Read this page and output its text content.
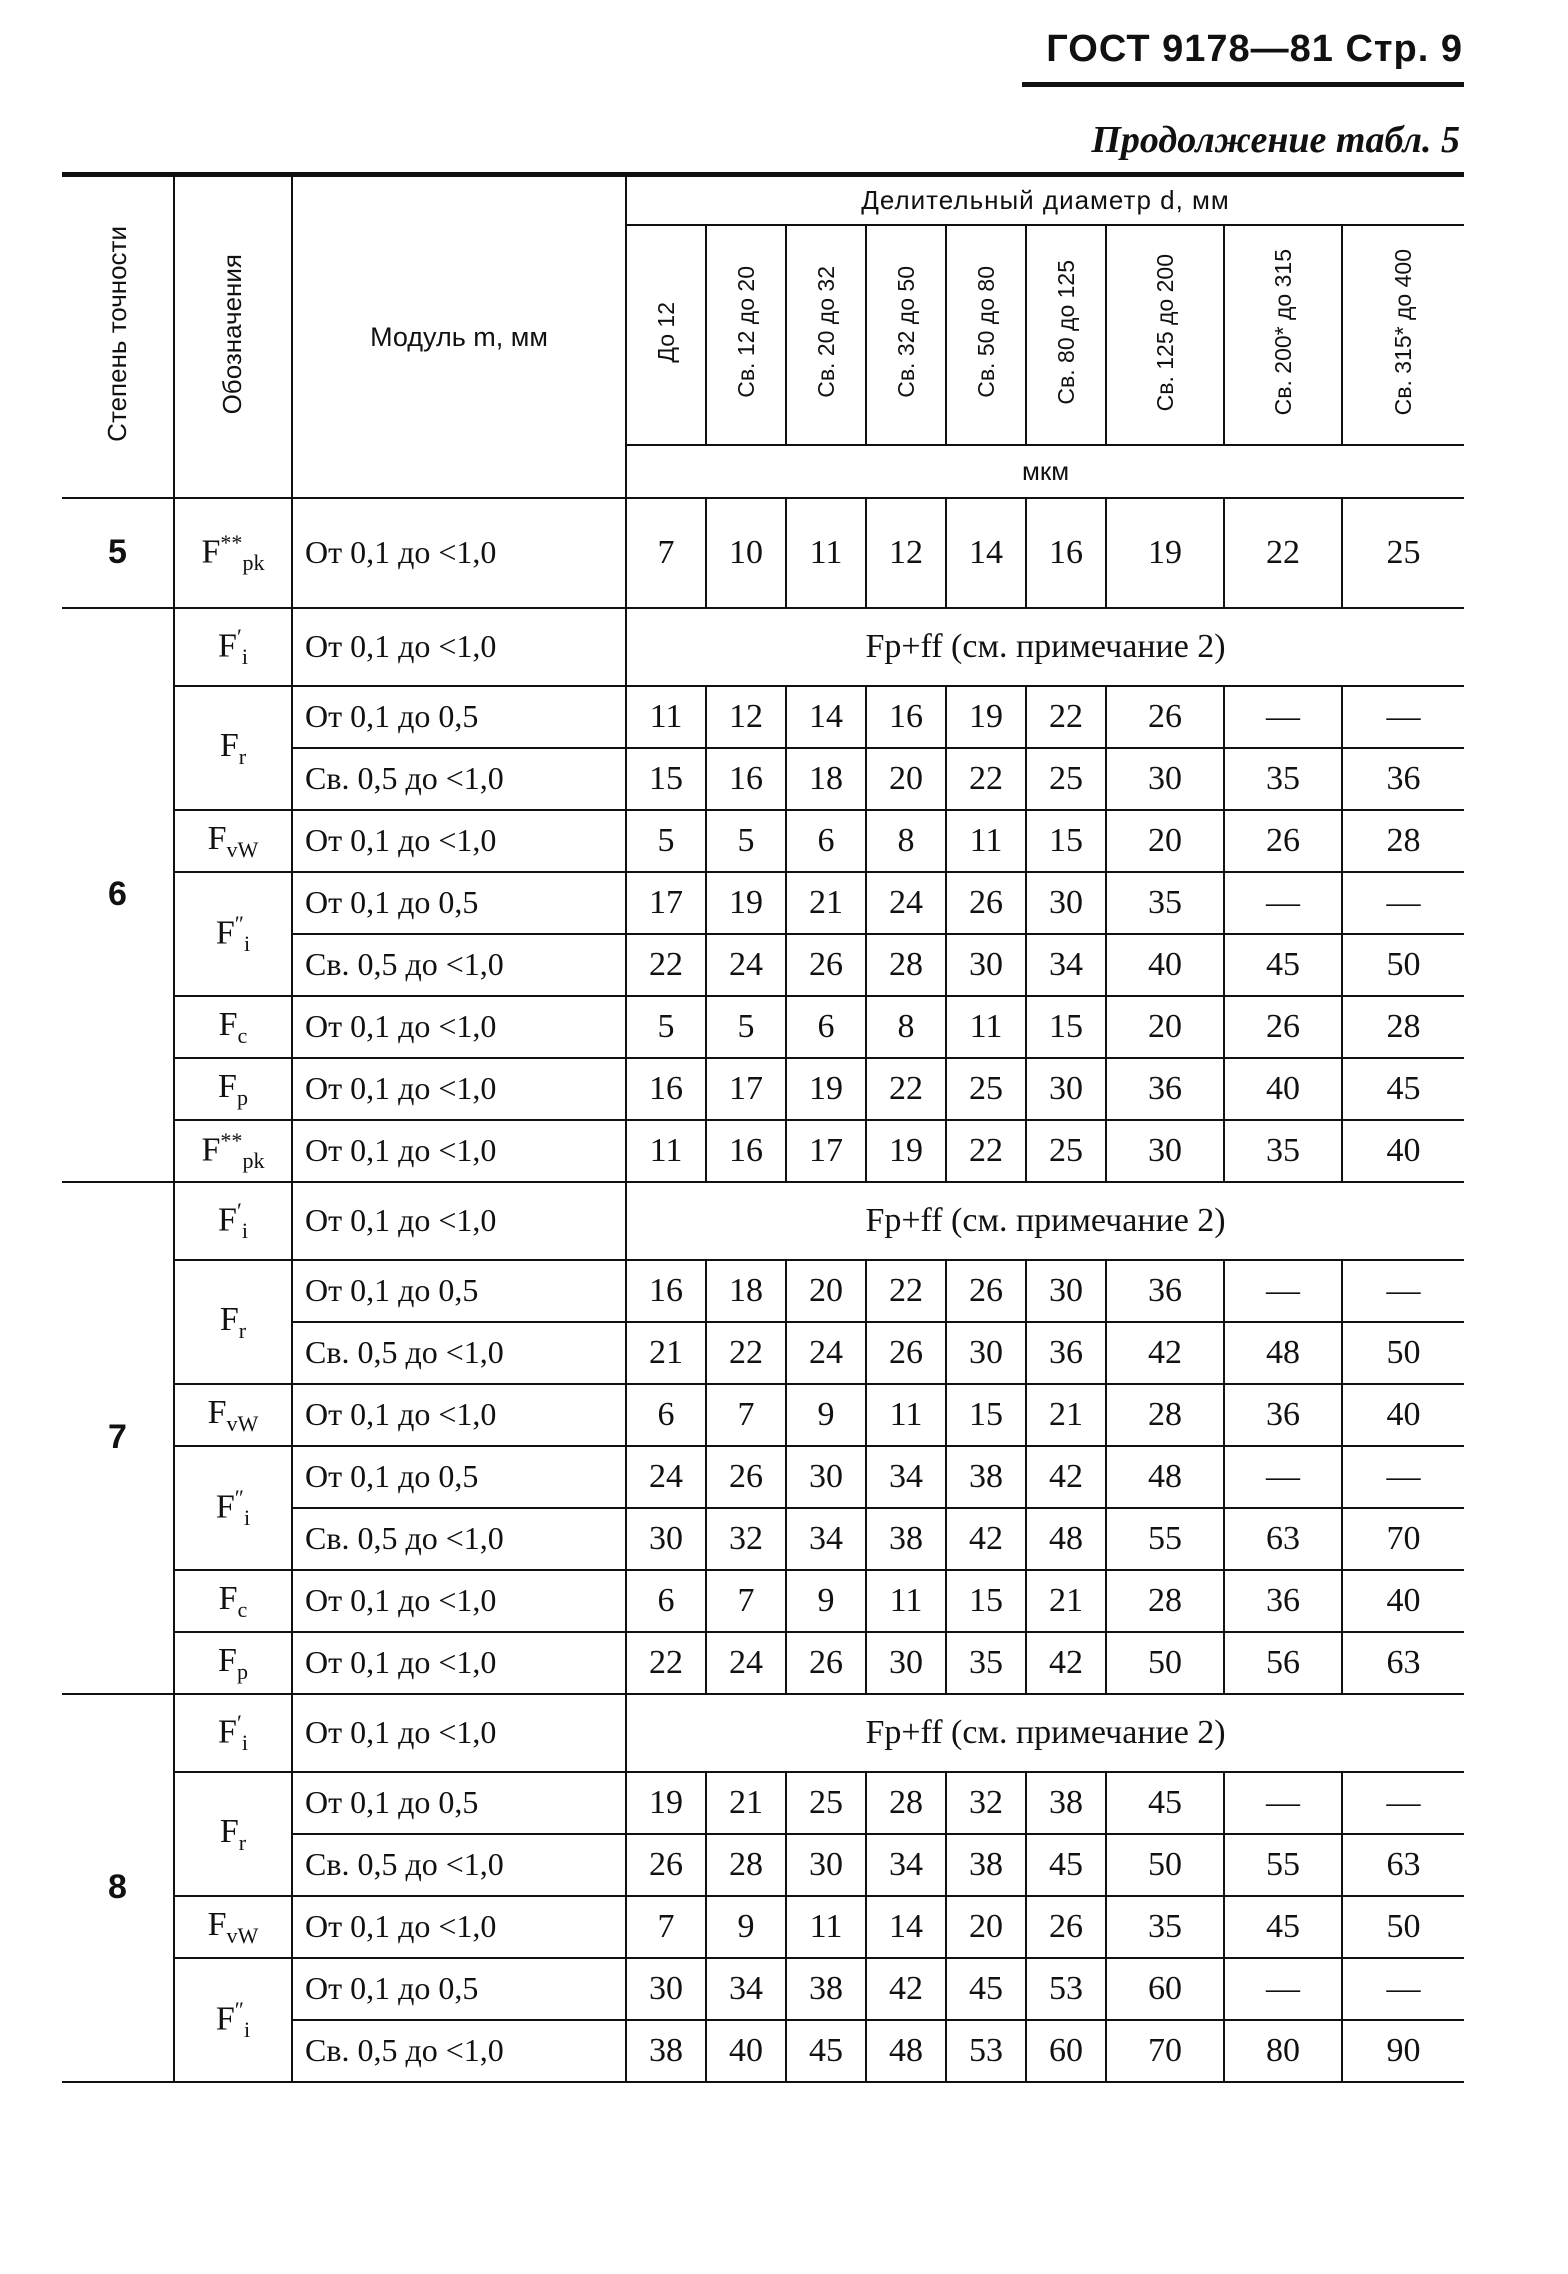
ГОСТ 9178—81 Стр. 9
Продолжение табл. 5
Степень точности	Обозначения	Модуль m, мм	Делительный диаметр d, мм								
			До 12	Св. 12 до 20	Св. 20 до 32	Св. 32 до 50	Св. 50 до 80	Св. 80 до 125	Св. 125 до 200	Св. 200* до 315	Св. 315* до 400
			мкм								
5	$F^{**}_{pk}$	От 0,1 до <1,0	7	10	11	12	14	16	19	22	25
6	$F'_i$	От 0,1 до <1,0	Fp+ff (см. примечание 2)								
	$F_r$	От 0,1 до 0,5	11	12	14	16	19	22	26	—	—
		Св. 0,5 до <1,0	15	16	18	20	22	25	30	35	36
	$F_{vW}$	От 0,1 до <1,0	5	5	6	8	11	15	20	26	28
	$F''_i$	От 0,1 до 0,5	17	19	21	24	26	30	35	—	—
		Св. 0,5 до <1,0	22	24	26	28	30	34	40	45	50
	$F_c$	От 0,1 до <1,0	5	5	6	8	11	15	20	26	28
	$F_p$	От 0,1 до <1,0	16	17	19	22	25	30	36	40	45
	$F^{**}_{pk}$	От 0,1 до <1,0	11	16	17	19	22	25	30	35	40
7	$F'_i$	От 0,1 до <1,0	Fp+ff (см. примечание 2)								
	$F_r$	От 0,1 до 0,5	16	18	20	22	26	30	36	—	—
		Св. 0,5 до <1,0	21	22	24	26	30	36	42	48	50
	$F_{vW}$	От 0,1 до <1,0	6	7	9	11	15	21	28	36	40
	$F''_i$	От 0,1 до 0,5	24	26	30	34	38	42	48	—	—
		Св. 0,5 до <1,0	30	32	34	38	42	48	55	63	70
	$F_c$	От 0,1 до <1,0	6	7	9	11	15	21	28	36	40
	$F_p$	От 0,1 до <1,0	22	24	26	30	35	42	50	56	63
8	$F'_i$	От 0,1 до <1,0	Fp+ff (см. примечание 2)								
	$F_r$	От 0,1 до 0,5	19	21	25	28	32	38	45	—	—
		Св. 0,5 до <1,0	26	28	30	34	38	45	50	55	63
	$F_{vW}$	От 0,1 до <1,0	7	9	11	14	20	26	35	45	50
	$F''_i$	От 0,1 до 0,5	30	34	38	42	45	53	60	—	—
		Св. 0,5 до <1,0	38	40	45	48	53	60	70	80	90
